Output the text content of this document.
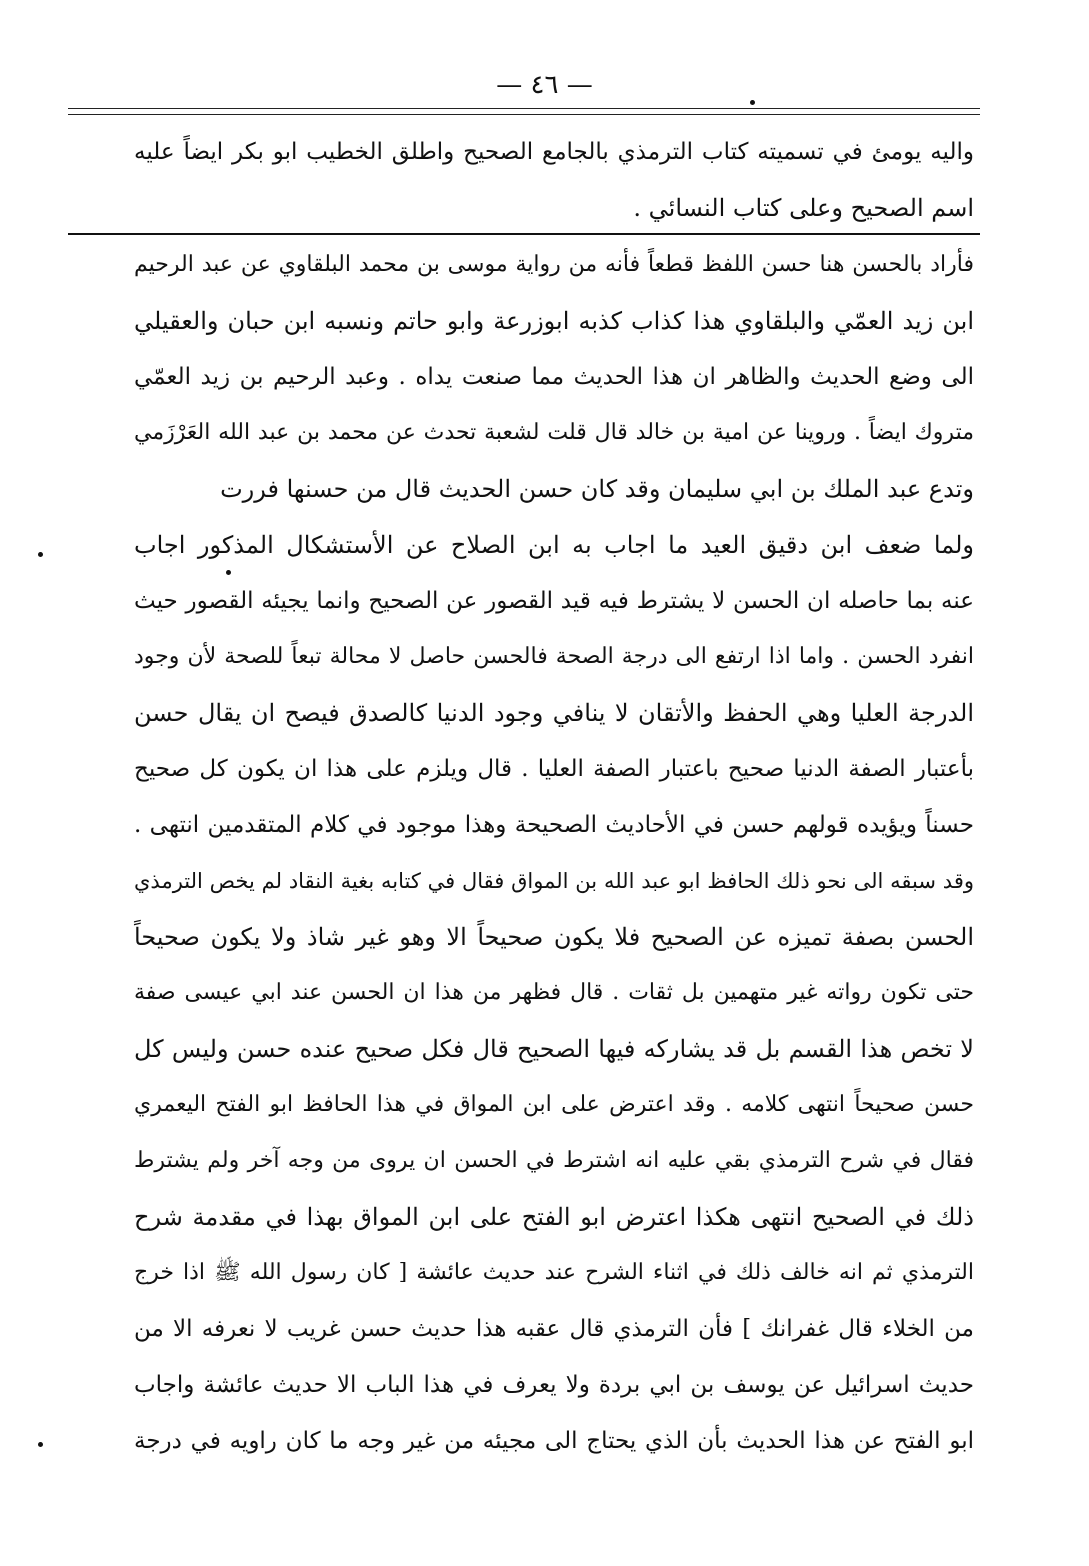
— ٤٦ —
واليه يومئ في تسميته كتاب الترمذي بالجامع الصحيح واطلق الخطيب ابو بكر ايضاً عليه
اسم الصحيح وعلى كتاب النسائي .
فأراد بالحسن هنا حسن اللفظ قطعاً فأنه من رواية موسى بن محمد البلقاوي عن عبد الرحيم
ابن زيد العمّي والبلقاوي هذا كذاب كذبه ابوزرعة وابو حاتم ونسبه ابن حبان والعقيلي
الى وضع الحديث والظاهر ان هذا الحديث مما صنعت يداه . وعبد الرحيم بن زيد العمّي
متروك ايضاً . وروينا عن امية بن خالد قال قلت لشعبة تحدث عن محمد بن عبد الله العَرْزَمي
وتدع عبد الملك بن ابي سليمان وقد كان حسن الحديث قال من حسنها فررت
ولما ضعف ابن دقيق العيد ما اجاب به ابن الصلاح عن الأستشكال المذكور اجاب
عنه بما حاصله ان الحسن لا يشترط فيه قيد القصور عن الصحيح وانما يجيئه القصور حيث
انفرد الحسن . واما اذا ارتفع الى درجة الصحة فالحسن حاصل لا محالة تبعاً للصحة لأن وجود
الدرجة العليا وهي الحفظ والأتقان لا ينافي وجود الدنيا كالصدق فيصح ان يقال حسن
بأعتبار الصفة الدنيا صحيح باعتبار الصفة العليا . قال ويلزم على هذا ان يكون كل صحيح
حسناً ويؤيده قولهم حسن في الأحاديث الصحيحة وهذا موجود في كلام المتقدمين انتهى .
وقد سبقه الى نحو ذلك الحافظ ابو عبد الله بن المواق فقال في كتابه بغية النقاد لم يخص الترمذي
الحسن بصفة تميزه عن الصحيح فلا يكون صحيحاً الا وهو غير شاذ ولا يكون صحيحاً
حتى تكون رواته غير متهمين بل ثقات . قال فظهر من هذا ان الحسن عند ابي عيسى صفة
لا تخص هذا القسم بل قد يشاركه فيها الصحيح قال فكل صحيح عنده حسن وليس كل
حسن صحيحاً انتهى كلامه . وقد اعترض على ابن المواق في هذا الحافظ ابو الفتح اليعمري
فقال في شرح الترمذي بقي عليه انه اشترط في الحسن ان يروى من وجه آخر ولم يشترط
ذلك في الصحيح انتهى هكذا اعترض ابو الفتح على ابن المواق بهذا في مقدمة شرح
الترمذي ثم انه خالف ذلك في اثناء الشرح عند حديث عائشة [ كان رسول الله ﷺ اذا خرج
من الخلاء قال غفرانك ] فأن الترمذي قال عقبه هذا حديث حسن غريب لا نعرفه الا من
حديث اسرائيل عن يوسف بن ابي بردة ولا يعرف في هذا الباب الا حديث عائشة واجاب
ابو الفتح عن هذا الحديث بأن الذي يحتاج الى مجيئه من غير وجه ما كان راويه في درجة
